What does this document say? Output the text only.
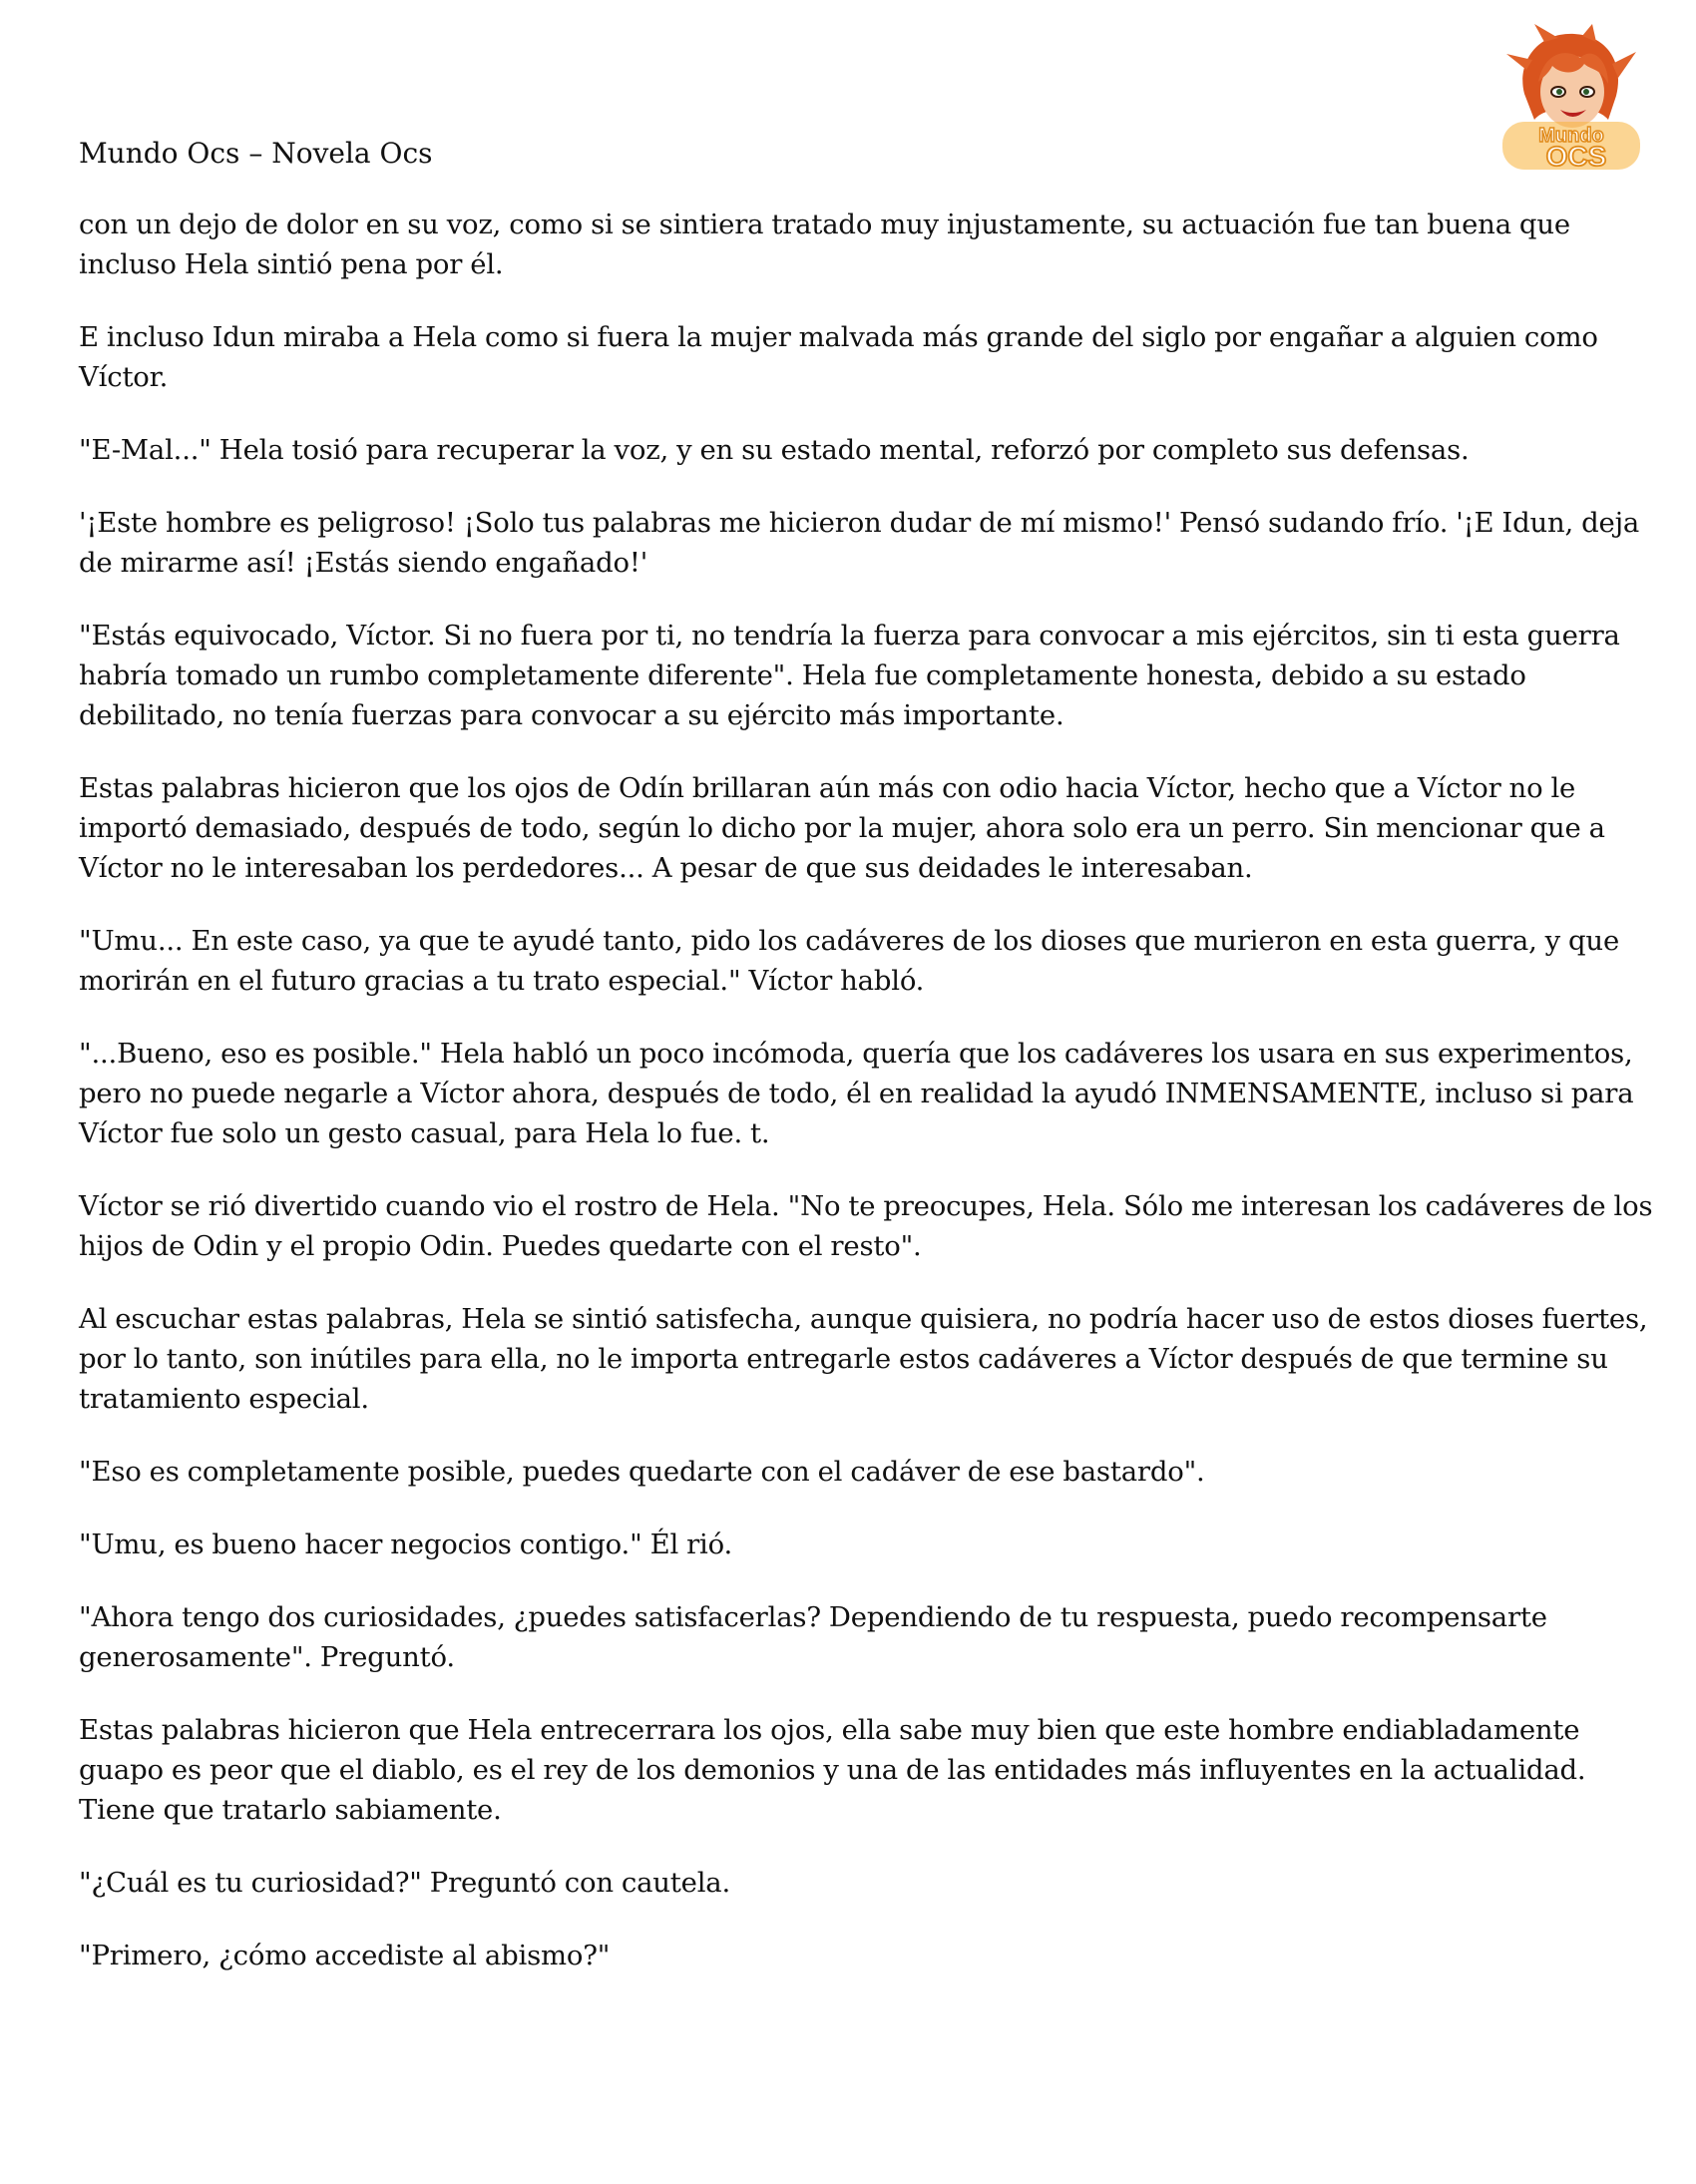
Mundo Ocs – Novela Ocs
Mundo
OCS

con un dejo de dolor en su voz, como si se sintiera tratado muy injustamente, su actuación fue tan buena que incluso Hela sintió pena por él.

E incluso Idun miraba a Hela como si fuera la mujer malvada más grande del siglo por engañar a alguien como Víctor.

"E-Mal..." Hela tosió para recuperar la voz, y en su estado mental, reforzó por completo sus defensas.

'¡Este hombre es peligroso! ¡Solo tus palabras me hicieron dudar de mí mismo!' Pensó sudando frío. '¡E Idun, deja de mirarme así! ¡Estás siendo engañado!'

"Estás equivocado, Víctor. Si no fuera por ti, no tendría la fuerza para convocar a mis ejércitos, sin ti esta guerra habría tomado un rumbo completamente diferente". Hela fue completamente honesta, debido a su estado debilitado, no tenía fuerzas para convocar a su ejército más importante.

Estas palabras hicieron que los ojos de Odín brillaran aún más con odio hacia Víctor, hecho que a Víctor no le importó demasiado, después de todo, según lo dicho por la mujer, ahora solo era un perro. Sin mencionar que a Víctor no le interesaban los perdedores... A pesar de que sus deidades le interesaban.

"Umu... En este caso, ya que te ayudé tanto, pido los cadáveres de los dioses que murieron en esta guerra, y que morirán en el futuro gracias a tu trato especial." Víctor habló.

"...Bueno, eso es posible." Hela habló un poco incómoda, quería que los cadáveres los usara en sus experimentos, pero no puede negarle a Víctor ahora, después de todo, él en realidad la ayudó INMENSAMENTE, incluso si para Víctor fue solo un gesto casual, para Hela lo fue. t.

Víctor se rió divertido cuando vio el rostro de Hela. "No te preocupes, Hela. Sólo me interesan los cadáveres de los hijos de Odin y el propio Odin. Puedes quedarte con el resto".

Al escuchar estas palabras, Hela se sintió satisfecha, aunque quisiera, no podría hacer uso de estos dioses fuertes, por lo tanto, son inútiles para ella, no le importa entregarle estos cadáveres a Víctor después de que termine su tratamiento especial.

"Eso es completamente posible, puedes quedarte con el cadáver de ese bastardo".

"Umu, es bueno hacer negocios contigo." Él rió.

"Ahora tengo dos curiosidades, ¿puedes satisfacerlas? Dependiendo de tu respuesta, puedo recompensarte generosamente". Preguntó.

Estas palabras hicieron que Hela entrecerrara los ojos, ella sabe muy bien que este hombre endiabladamente guapo es peor que el diablo, es el rey de los demonios y una de las entidades más influyentes en la actualidad. Tiene que tratarlo sabiamente.

"¿Cuál es tu curiosidad?" Preguntó con cautela.

"Primero, ¿cómo accediste al abismo?"
